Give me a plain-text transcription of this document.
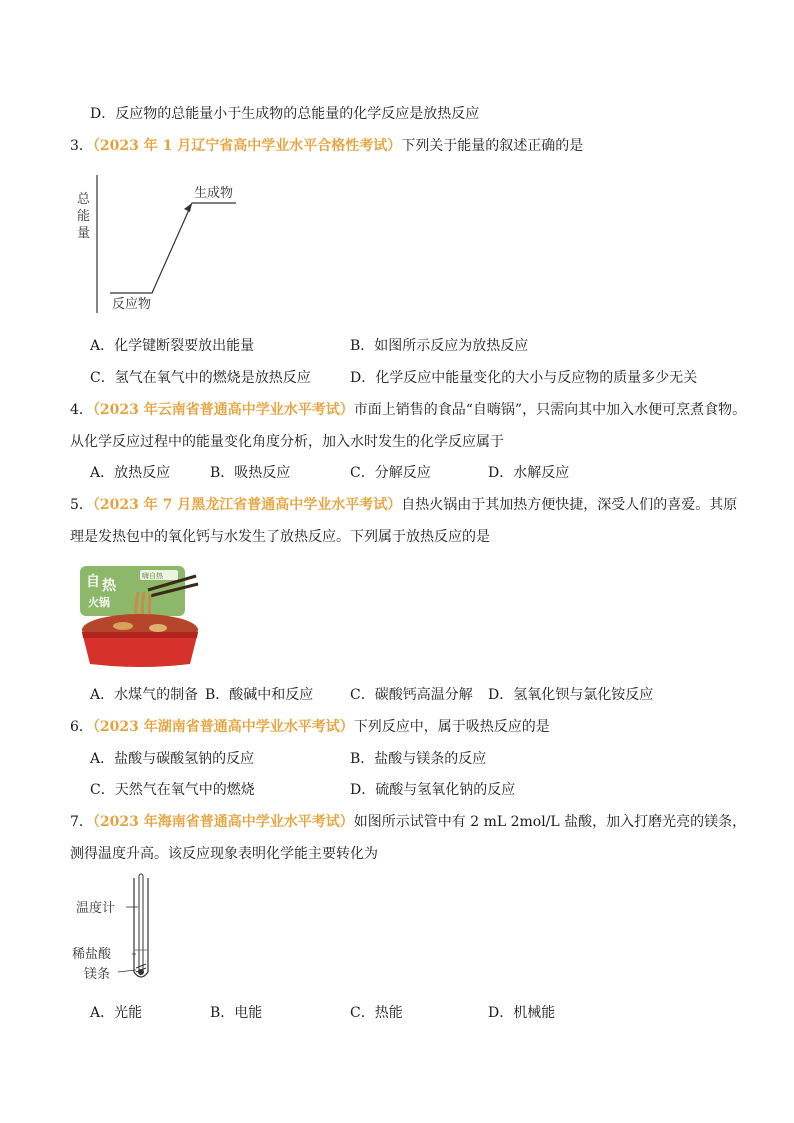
D．反应物的总能量小于生成物的总能量的化学反应是放热反应
3．（2023 年 1 月辽宁省高中学业水平合格性考试）下列关于能量的叙述正确的是
总
能
量
生成物
反应物
A．化学键断裂要放出能量	B．如图所示反应为放热反应
C．氢气在氧气中的燃烧是放热反应	D．化学反应中能量变化的大小与反应物的质量多少无关
4．（2023 年云南省普通高中学业水平考试）市面上销售的食品“自嗨锅”，只需向其中加入水便可烹煮食物。
从化学反应过程中的能量变化角度分析，加入水时发生的化学反应属于
A．放热反应	B．吸热反应	C．分解反应	D．水解反应
5．（2023 年 7 月黑龙江省普通高中学业水平考试）自热火锅由于其加热方便快捷，深受人们的喜爱。其原
理是发热包中的氧化钙与水发生了放热反应。下列属于放热反应的是
嗨自热
自 热
火锅
A．水煤气的制备 B．酸碱中和反应	C．碳酸钙高温分解 D．氢氧化钡与氯化铵反应
6．（2023 年湖南省普通高中学业水平考试）下列反应中，属于吸热反应的是
A．盐酸与碳酸氢钠的反应	B．盐酸与镁条的反应
C．天然气在氧气中的燃烧	D．硫酸与氢氧化钠的反应
7．（2023 年海南省普通高中学业水平考试）如图所示试管中有 2 mL 2mol/L 盐酸，加入打磨光亮的镁条，
测得温度升高。该反应现象表明化学能主要转化为
温度计
稀盐酸
镁条
A．光能	B．电能	C．热能	D．机械能
